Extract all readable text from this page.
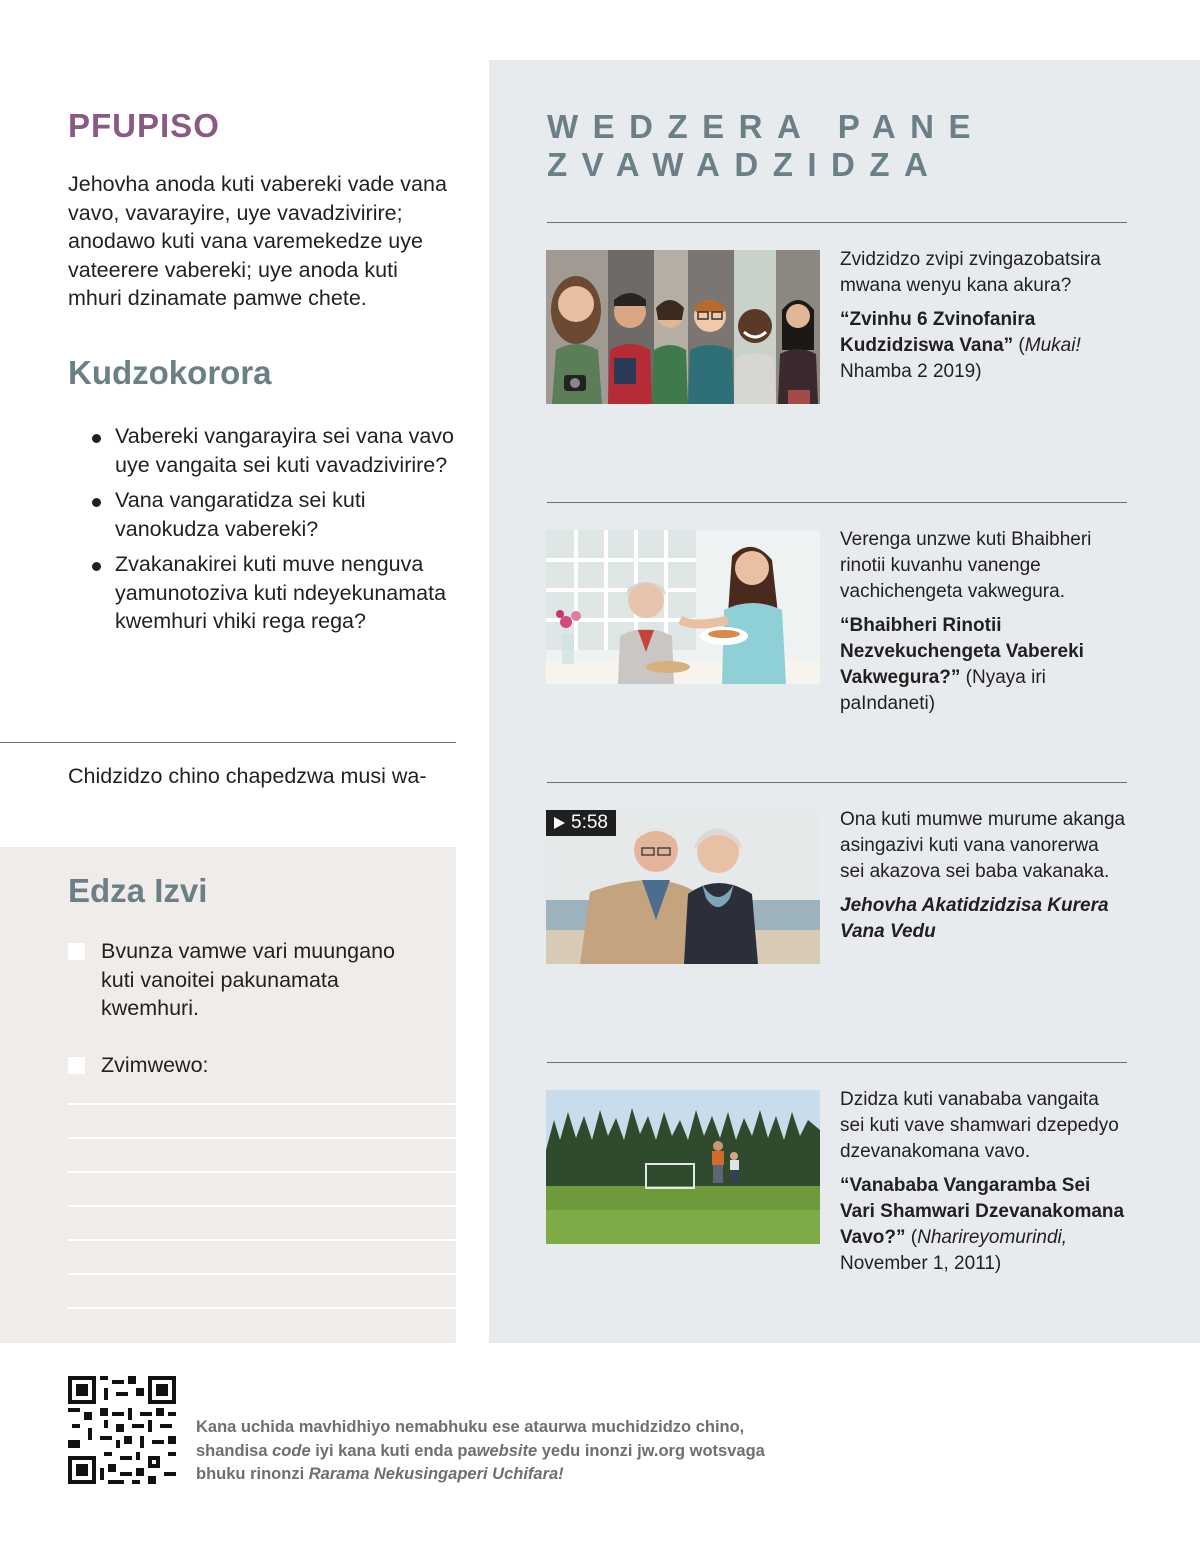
PFUPISO

Jehovha anoda kuti vabereki vade vana vavo, vavarayire, uye vavadzivirire; anodawo kuti vana varemekedze uye vateerere vabereki; uye anoda kuti mhuri dzinamate pamwe chete.

Kudzokorora
Vabereki vangarayira sei vana vavo uye vangaita sei kuti vavadzivirire?
Vana vangaratidza sei kuti vanokudza vabereki?
Zvakanakirei kuti muve nenguva yamunotoziva kuti ndeyekunamata kwemhuri vhiki rega rega?
Chidzidzo chino chapedzwa musi wa-
Edza Izvi
Bvunza vamwe vari muungano kuti vanoitei pakunamata kwemhuri.
Zvimwewo:
WEDZERA PANE
ZVAWADZIDZA
Zvidzidzo zvipi zvingazobatsira mwana wenyu kana akura?
“Zvinhu 6 Zvinofanira Kudzidziswa Vana” (Mukai! Nhamba 2 2019)
Verenga unzwe kuti Bhaibheri rinotii kuvanhu vanenge vachichengeta vakwegura.
“Bhaibheri Rinotii Nezvekuchengeta Vabereki Vakwegura?” (Nyaya iri paIndaneti)
5:58	Ona kuti mumwe murume akanga asingazivi kuti vana vanorerwa sei akazova sei baba vakanaka.
Jehovha Akatidzidzisa Kurera Vana Vedu
Dzidza kuti vanababa vangaita sei kuti vave shamwari dzepedyo dzevanakomana vavo.
“Vanababa Vangaramba Sei Vari Shamwari Dzevanakomana Vavo?” (Nharireyomurindi, November 1, 2011)
Kana uchida mavhidhiyo nemabhuku ese ataurwa muchidzidzo chino, shandisa code iyi kana kuti enda pawebsite yedu inonzi jw.org wotsvaga bhuku rinonzi Rarama Nekusingaperi Uchifara!
